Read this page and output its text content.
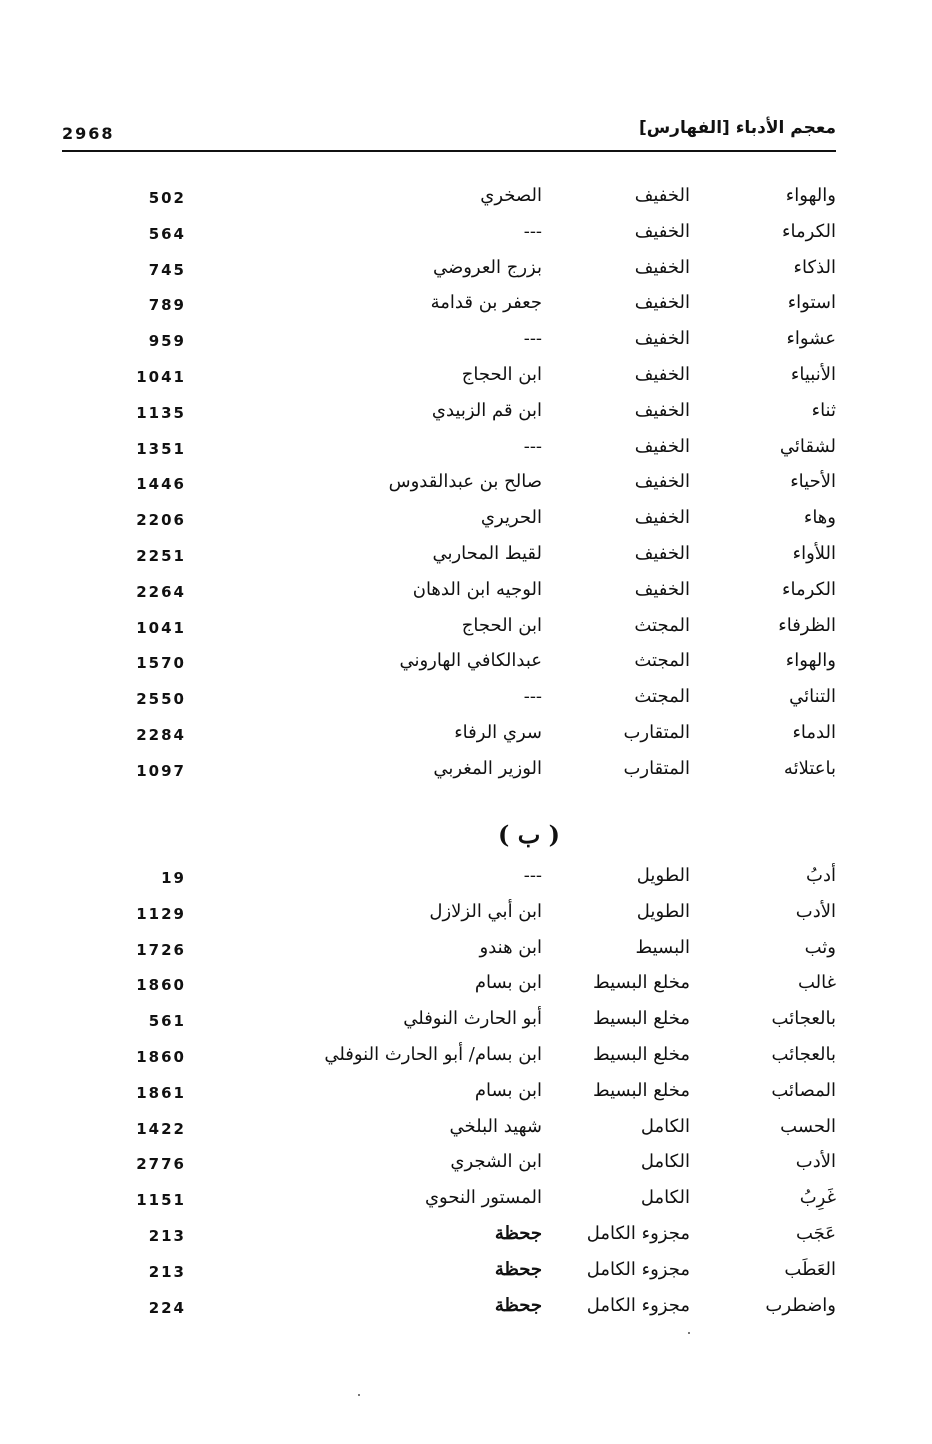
معجم الأدباء [الفهارس]
2968
والهواء
الخفيف
الصخري
502
الكرماء
الخفيف
---
564
الذكاء
الخفيف
بزرج العروضي
745
استواء
الخفيف
جعفر بن قدامة
789
عشواء
الخفيف
---
959
الأنبياء
الخفيف
ابن الحجاج
1041
ثناء
الخفيف
ابن قم الزبيدي
1135
لشقائي
الخفيف
---
1351
الأحياء
الخفيف
صالح بن عبدالقدوس
1446
وهاء
الخفيف
الحريري
2206
اللأواء
الخفيف
لقيط المحاربي
2251
الكرماء
الخفيف
الوجيه ابن الدهان
2264
الظرفاء
المجتث
ابن الحجاج
1041
والهواء
المجتث
عبدالكافي الهاروني
1570
التنائي
المجتث
---
2550
الدماء
المتقارب
سري الرفاء
2284
باعتلائه
المتقارب
الوزير المغربي
1097
( ب )
أدبُ
الطويل
---
19
الأدب
الطويل
ابن أبي الزلازل
1129
وثب
البسيط
ابن هندو
1726
غالب
مخلع البسيط
ابن بسام
1860
بالعجائب
مخلع البسيط
أبو الحارث النوفلي
561
بالعجائب
مخلع البسيط
ابن بسام/ أبو الحارث النوفلي
1860
المصائب
مخلع البسيط
ابن بسام
1861
الحسب
الكامل
شهيد البلخي
1422
الأدب
الكامل
ابن الشجري
2776
غَرِبُ
الكامل
المستور النحوي
1151
عَجَب
مجزوء الكامل
جحظة
213
العَطَب
مجزوء الكامل
جحظة
213
واضطرب
مجزوء الكامل
جحظة
224
